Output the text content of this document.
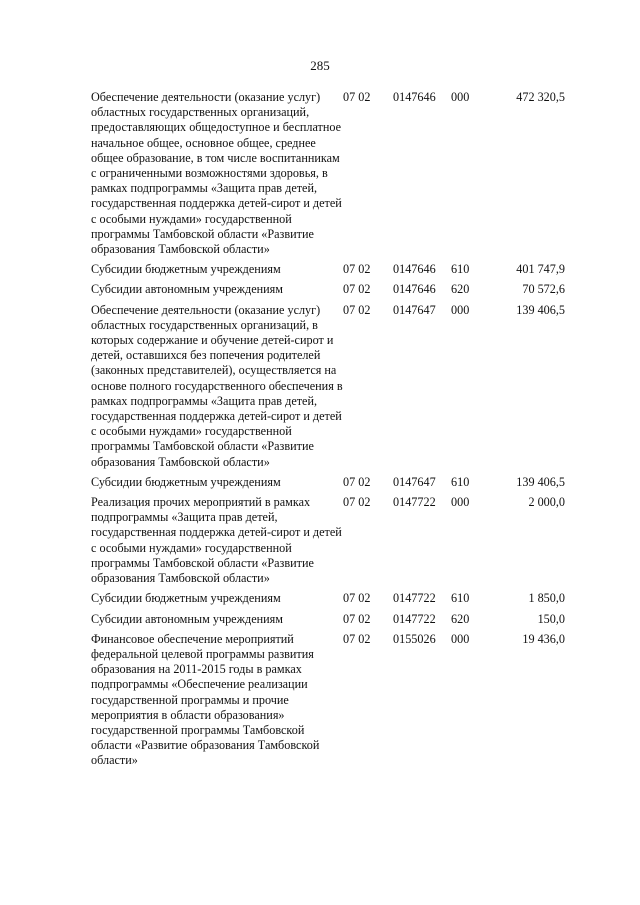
285
Обеспечение деятельности (оказание услуг) областных государственных организаций, предоставляющих общедоступное и бесплатное начальное общее, основное общее, среднее общее образование, в том числе воспитанникам с ограниченными возможностями здоровья, в рамках подпрограммы «Защита прав детей, государственная поддержка детей-сирот и детей с особыми нуждами» государственной программы Тамбовской области «Развитие образования Тамбовской области»	07 02	0147646	000	472 320,5
Субсидии бюджетным учреждениям	07 02	0147646	610	401 747,9
Субсидии автономным учреждениям	07 02	0147646	620	70 572,6
Обеспечение деятельности (оказание услуг) областных государственных организаций, в которых содержание и обучение детей-сирот и детей, оставшихся без попечения родителей (законных представителей), осуществляется на основе полного государственного обеспечения в рамках подпрограммы «Защита прав детей, государственная поддержка детей-сирот и детей с особыми нуждами» государственной программы Тамбовской области «Развитие образования Тамбовской области»	07 02	0147647	000	139 406,5
Субсидии бюджетным учреждениям	07 02	0147647	610	139 406,5
Реализация прочих мероприятий в рамках подпрограммы «Защита прав детей, государственная поддержка детей-сирот и детей с особыми нуждами» государственной программы Тамбовской области «Развитие образования Тамбовской области»	07 02	0147722	000	2 000,0
Субсидии бюджетным учреждениям	07 02	0147722	610	1 850,0
Субсидии автономным учреждениям	07 02	0147722	620	150,0
Финансовое обеспечение мероприятий федеральной целевой программы развития образования на 2011-2015 годы в рамках подпрограммы «Обеспечение реализации государственной программы и прочие мероприятия в области образования» государственной программы Тамбовской области «Развитие образования Тамбовской области»	07 02	0155026	000	19 436,0
